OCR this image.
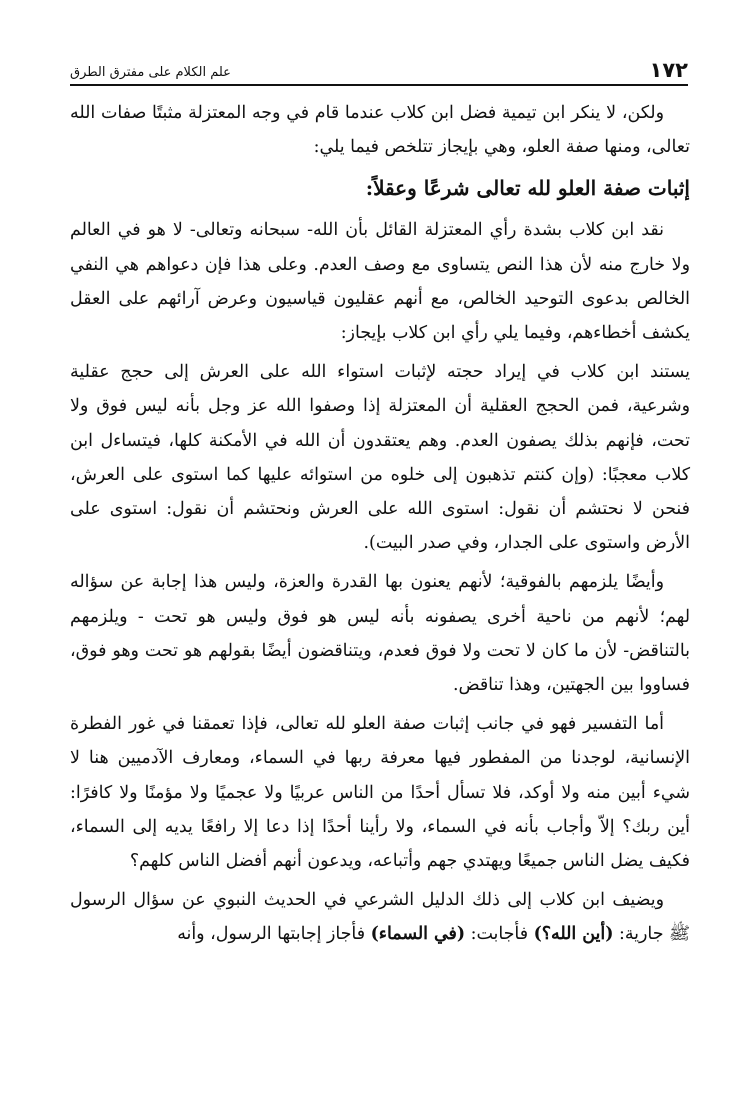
علم الكلام على مفترق الطرق	١٧٢

ولكن، لا ينكر ابن تيمية فضل ابن كلاب عندما قام في وجه المعتزلة مثبتًا صفات الله تعالى، ومنها صفة العلو، وهي بإيجاز تتلخص فيما يلي:

إثبات صفة العلو لله تعالى شرعًا وعقلاً:

نقد ابن كلاب بشدة رأي المعتزلة القائل بأن الله- سبحانه وتعالى- لا هو في العالم ولا خارج منه لأن هذا النص يتساوى مع وصف العدم. وعلى هذا فإن دعواهم هي النفي الخالص بدعوى التوحيد الخالص، مع أنهم عقليون قياسيون وعرض آرائهم على العقل يكشف أخطاءهم، وفيما يلي رأي ابن كلاب بإيجاز:

يستند ابن كلاب في إيراد حجته لإثبات استواء الله على العرش إلى حجج عقلية وشرعية، فمن الحجج العقلية أن المعتزلة إذا وصفوا الله عز وجل بأنه ليس فوق ولا تحت، فإنهم بذلك يصفون العدم. وهم يعتقدون أن الله في الأمكنة كلها، فيتساءل ابن كلاب معجبًا: (وإن كنتم تذهبون إلى خلوه من استوائه عليها كما استوى على العرش، فنحن لا نحتشم أن نقول: استوى الله على العرش ونحتشم أن نقول: استوى على الأرض واستوى على الجدار، وفي صدر البيت).

وأيضًا يلزمهم بالفوقية؛ لأنهم يعنون بها القدرة والعزة، وليس هذا إجابة عن سؤاله لهم؛ لأنهم من ناحية أخرى يصفونه بأنه ليس هو فوق وليس هو تحت - ويلزمهم بالتناقض- لأن ما كان لا تحت ولا فوق فعدم، ويتناقضون أيضًا بقولهم هو تحت وهو فوق، فساووا بين الجهتين، وهذا تناقض.

أما التفسير فهو في جانب إثبات صفة العلو لله تعالى، فإذا تعمقنا في غور الفطرة الإنسانية، لوجدنا من المفطور فيها معرفة ربها في السماء، ومعارف الآدميين هنا لا شيء أبين منه ولا أوكد، فلا تسأل أحدًا من الناس عربيًا ولا عجميًا ولا مؤمنًا ولا كافرًا: أين ربك؟ إلاّ وأجاب بأنه في السماء، ولا رأينا أحدًا إذا دعا إلا رافعًا يديه إلى السماء، فكيف يضل الناس جميعًا ويهتدي جهم وأتباعه، ويدعون أنهم أفضل الناس كلهم؟

ويضيف ابن كلاب إلى ذلك الدليل الشرعي في الحديث النبوي عن سؤال الرسول ﷺ جارية: (أين الله؟) فأجابت: (في السماء) فأجاز إجابتها الرسول، وأنه
